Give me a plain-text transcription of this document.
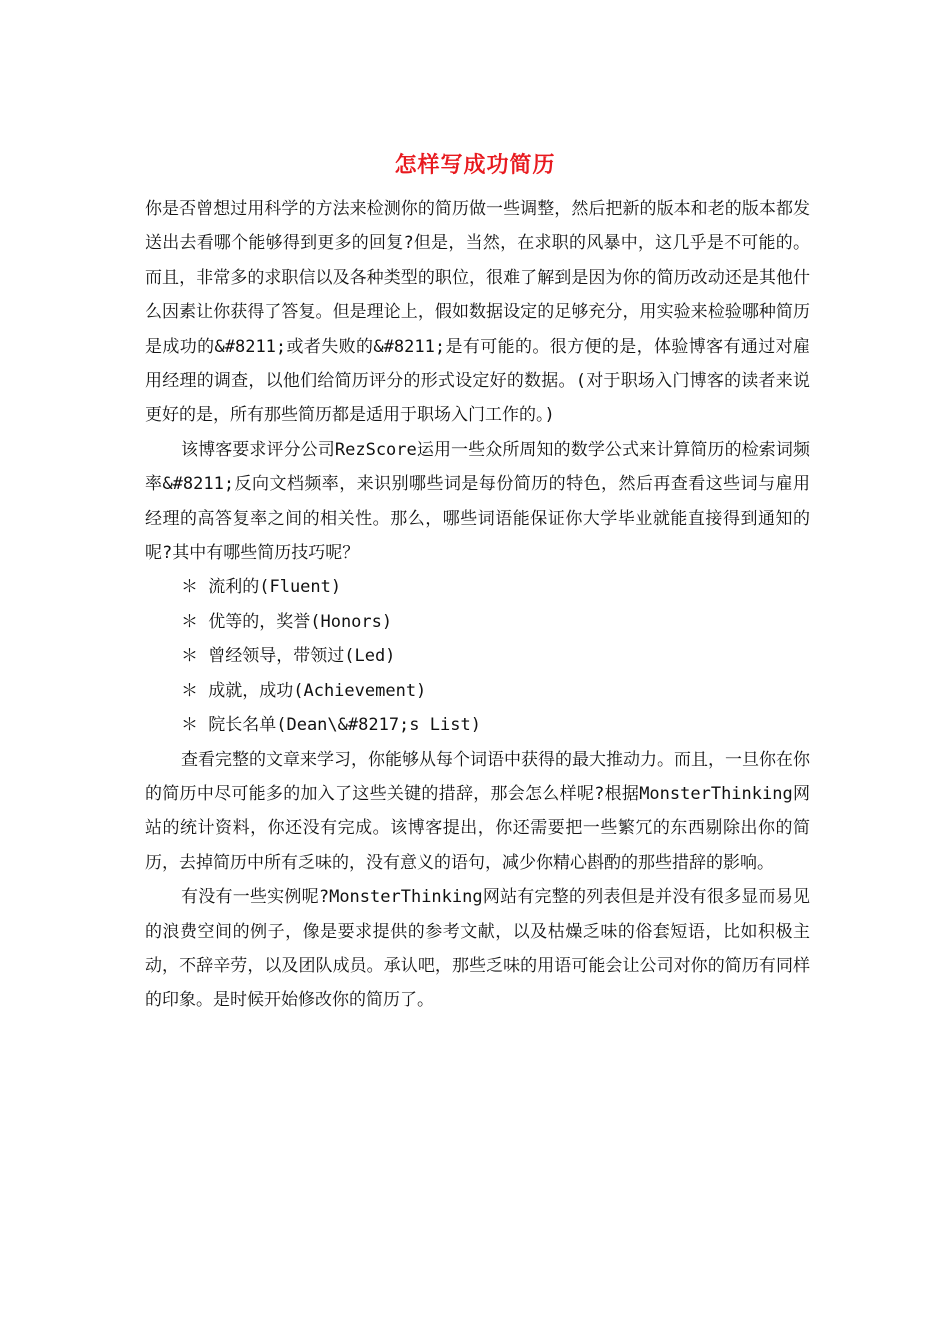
怎样写成功简历

你是否曾想过用科学的方法来检测你的简历做一些调整，然后把新的版本和老的版本都发送出去看哪个能够得到更多的回复?但是，当然，在求职的风暴中，这几乎是不可能的。而且，非常多的求职信以及各种类型的职位，很难了解到是因为你的简历改动还是其他什么因素让你获得了答复。但是理论上，假如数据设定的足够充分，用实验来检验哪种简历是成功的&#8211;或者失败的&#8211;是有可能的。很方便的是，体验博客有通过对雇用经理的调查，以他们给简历评分的形式设定好的数据。(对于职场入门博客的读者来说更好的是，所有那些简历都是适用于职场入门工作的。)

该博客要求评分公司RezScore运用一些众所周知的数学公式来计算简历的检索词频率&#8211;反向文档频率，来识别哪些词是每份简历的特色，然后再查看这些词与雇用经理的高答复率之间的相关性。那么，哪些词语能保证你大学毕业就能直接得到通知的呢?其中有哪些简历技巧呢？

＊ 流利的(Fluent)
＊ 优等的，奖誉(Honors)
＊ 曾经领导，带领过(Led)
＊ 成就，成功(Achievement)
＊ 院长名单(Dean\&#8217;s List)

查看完整的文章来学习，你能够从每个词语中获得的最大推动力。而且，一旦你在你的简历中尽可能多的加入了这些关键的措辞，那会怎么样呢?根据MonsterThinking网站的统计资料，你还没有完成。该博客提出，你还需要把一些繁冗的东西剔除出你的简历，去掉简历中所有乏味的，没有意义的语句，减少你精心斟酌的那些措辞的影响。

有没有一些实例呢?MonsterThinking网站有完整的列表但是并没有很多显而易见的浪费空间的例子，像是要求提供的参考文献，以及枯燥乏味的俗套短语，比如积极主动，不辞辛劳，以及团队成员。承认吧，那些乏味的用语可能会让公司对你的简历有同样的印象。是时候开始修改你的简历了。
